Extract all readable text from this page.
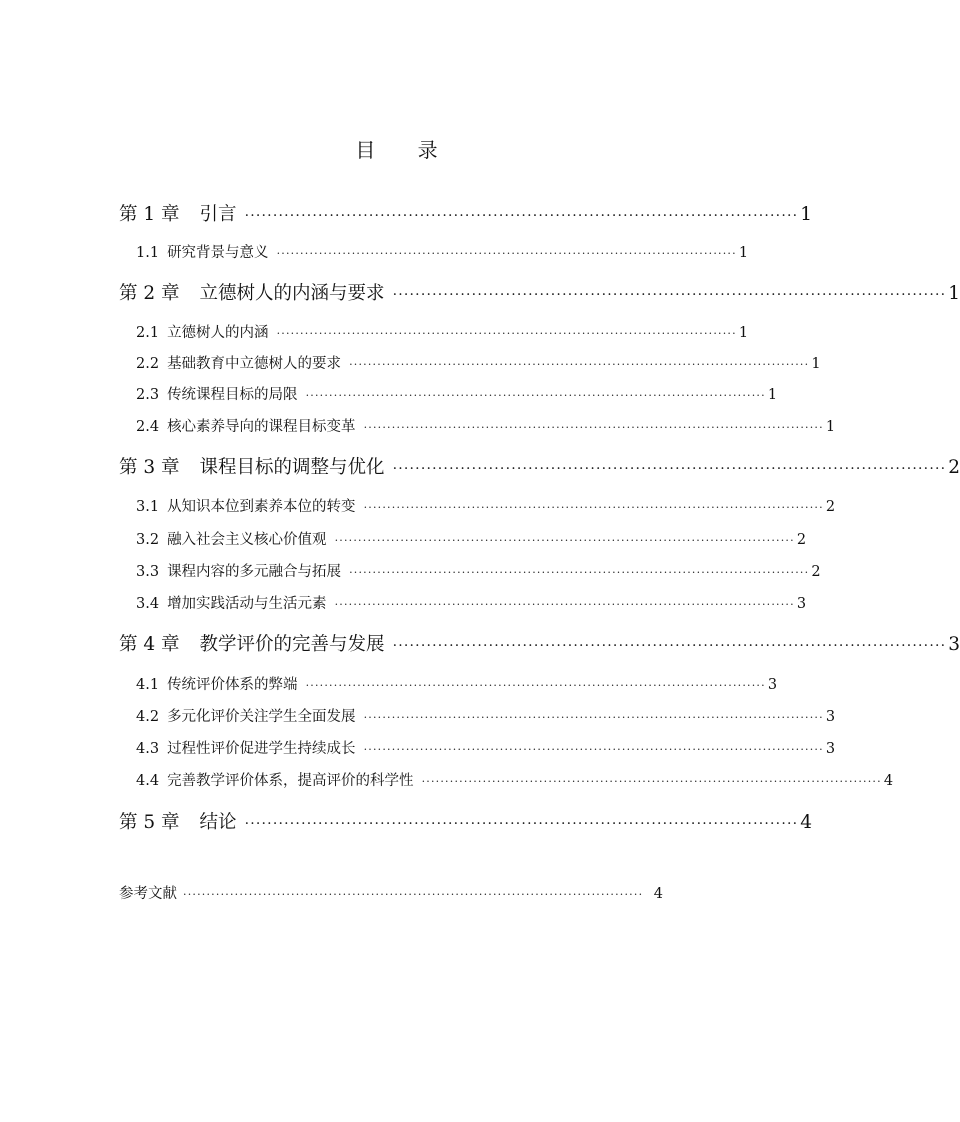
目 录
第 1 章 引言 ·································································································· 1
1.1 研究背景与意义 ·································································································· 1
第 2 章 立德树人的内涵与要求 ·································································································· 1
2.1 立德树人的内涵 ·································································································· 1
2.2 基础教育中立德树人的要求 ·································································································· 1
2.3 传统课程目标的局限 ·································································································· 1
2.4 核心素养导向的课程目标变革 ·································································································· 1
第 3 章 课程目标的调整与优化 ·································································································· 2
3.1 从知识本位到素养本位的转变 ·································································································· 2
3.2 融入社会主义核心价值观 ·································································································· 2
3.3 课程内容的多元融合与拓展 ·································································································· 2
3.4 增加实践活动与生活元素 ·································································································· 3
第 4 章 教学评价的完善与发展 ·································································································· 3
4.1 传统评价体系的弊端 ·································································································· 3
4.2 多元化评价关注学生全面发展 ·································································································· 3
4.3 过程性评价促进学生持续成长 ·································································································· 3
4.4 完善教学评价体系，提高评价的科学性 ·································································································· 4
第 5 章 结论 ·································································································· 4
参考文献 ·································································································· 4
